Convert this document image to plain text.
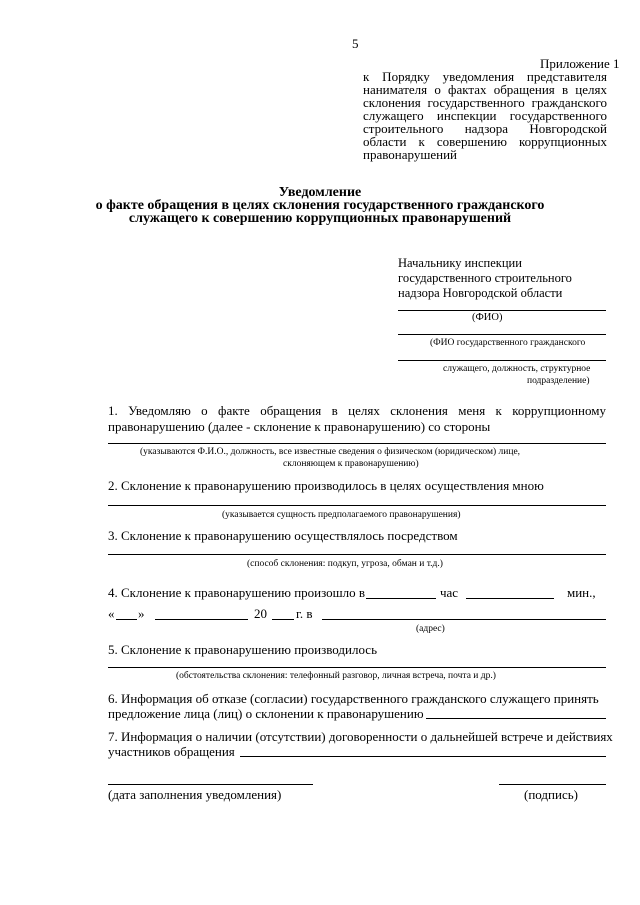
5
Приложение 1
к Порядку уведомления представителя
нанимателя о фактах обращения в целях
склонения государственного гражданского
служащего инспекции государственного
строительного надзора Новгородской
области к совершению коррупционных
правонарушений
Уведомление
о факте обращения в целях склонения государственного гражданского
служащего к совершению коррупционных правонарушений
Начальнику инспекции
государственного строительного
надзора Новгородской области
(ФИО)
(ФИО государственного гражданского
служащего, должность, структурное
подразделение)
1. Уведомляю о факте обращения в целях склонения меня к коррупционному
правонарушению (далее - склонение к правонарушению) со стороны
(указываются Ф.И.О., должность, все известные сведения о физическом (юридическом) лице,
склоняющем к правонарушению)
2. Склонение к правонарушению производилось в целях осуществления мною
(указывается сущность предполагаемого правонарушения)
3. Склонение к правонарушению осуществлялось посредством
(способ склонения: подкуп, угроза, обман и т.д.)
4. Склонение к правонарушению произошло в	час	мин.,
« »	20 г. в
(адрес)
5. Склонение к правонарушению производилось
(обстоятельства склонения: телефонный разговор, личная встреча, почта и др.)
6. Информация об отказе (согласии) государственного гражданского служащего принять
предложение лица (лиц) о склонении к правонарушению
7. Информация о наличии (отсутствии) договоренности о дальнейшей встрече и действиях
участников обращения
(дата заполнения уведомления)	(подпись)
